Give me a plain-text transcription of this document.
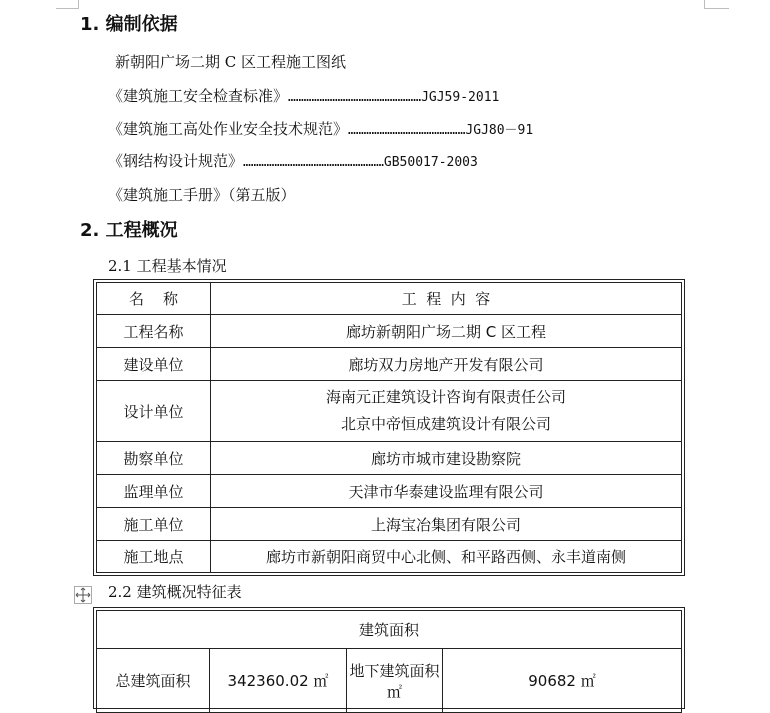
1. 编制依据
新朝阳广场二期 C 区工程施工图纸
《建筑施工安全检查标准》……………………………………………JGJ59-2011
《建筑施工高处作业安全技术规范》………………………………………JGJ80－91
《钢结构设计规范》………………………………………………GB50017-2003
《建筑施工手册》（第五版）
2. 工程概况
2.1 工程基本情况
名    称	工  程  内  容
工程名称	廊坊新朝阳广场二期 C 区工程
建设单位	廊坊双力房地产开发有限公司
设计单位	海南元正建筑设计咨询有限责任公司
北京中帝恒成建筑设计有限公司

勘察单位	廊坊市城市建设勘察院
监理单位	天津市华泰建设监理有限公司
施工单位	上海宝冶集团有限公司
施工地点	廊坊市新朝阳商贸中心北侧、和平路西侧、永丰道南侧
2.2 建筑概况特征表
建筑面积
总建筑面积	342360.02 ㎡	地下建筑面积㎡	90682 ㎡
